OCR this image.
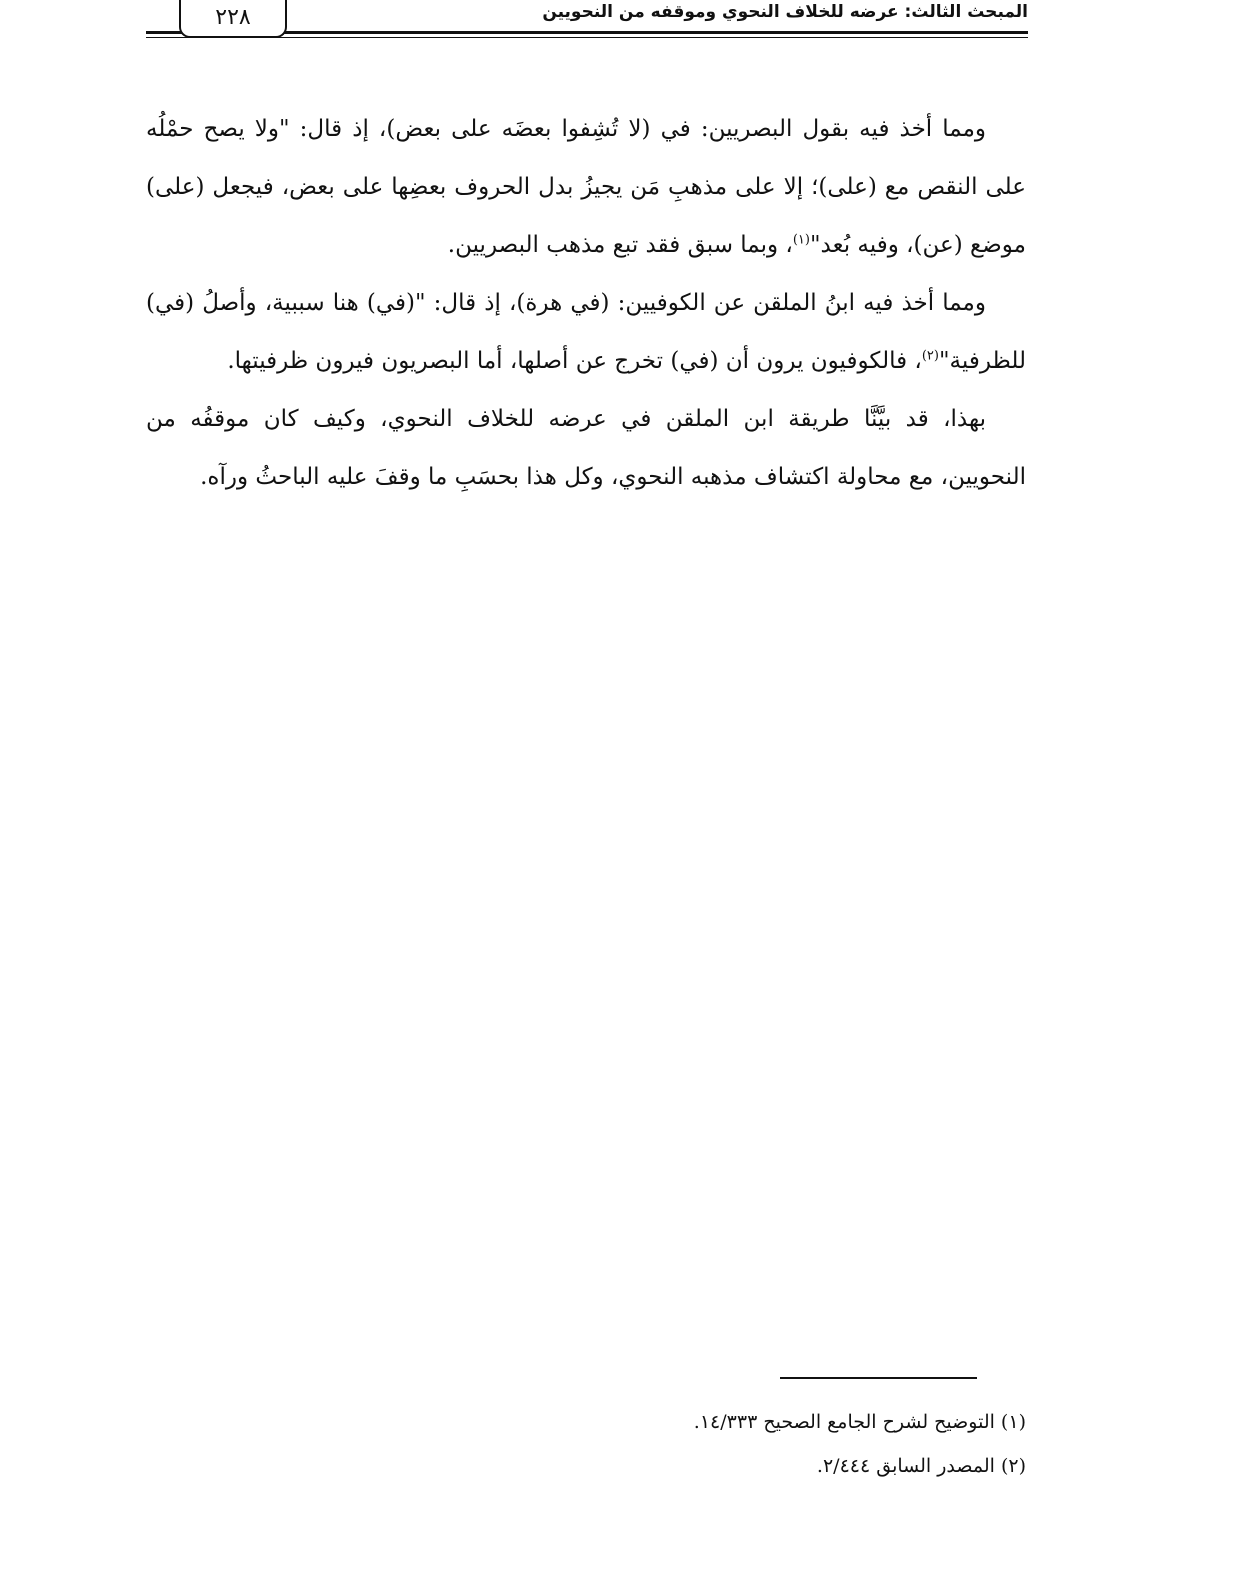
٢٢٨	المبحث الثالث: عرضه للخلاف النحوي وموقفه من النحويين

ومما أخذ فيه بقول البصريين: في (لا تُشِفوا بعضَه على بعض)، إذ قال: "ولا يصح حمْلُه على النقص مع (على)؛ إلا على مذهبِ مَن يجيزُ بدل الحروف بعضِها على بعض، فيجعل (على) موضع (عن)، وفيه بُعد"$^{(١)}$، وبما سبق فقد تبع مذهب البصريين.

ومما أخذ فيه ابنُ الملقن عن الكوفيين: (في هرة)، إذ قال: "(في) هنا سببية، وأصلُ (في) للظرفية"$^{(٢)}$، فالكوفيون يرون أن (في) تخرج عن أصلها، أما البصريون فيرون ظرفيتها.

بهذا، قد بيَّنَّا طريقة ابن الملقن في عرضه للخلاف النحوي، وكيف كان موقفُه من النحويين، مع محاولة اكتشاف مذهبه النحوي، وكل هذا بحسَبِ ما وقفَ عليه الباحثُ ورآه.

(١) التوضيح لشرح الجامع الصحيح ١٤/٣٣٣.

(٢) المصدر السابق ٢/٤٤٤.
